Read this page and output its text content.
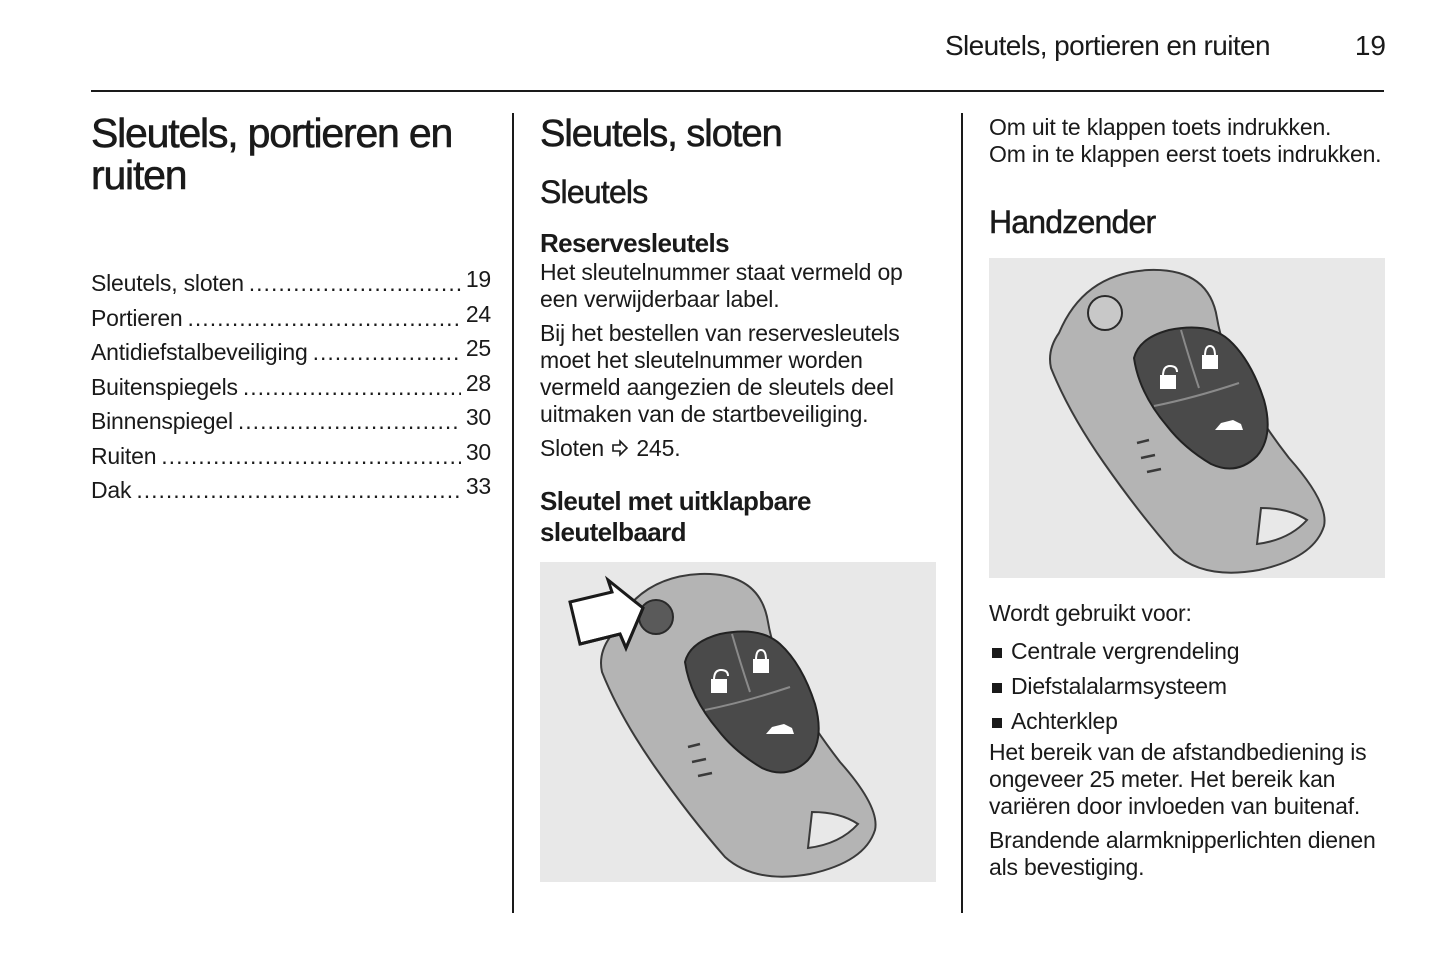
Sleutels, portieren en ruiten	19
Sleutels, portieren en ruiten
Sleutels, sloten .....	19
Portieren .....	24
Antidiefstalbeveiliging .....	25
Buitenspiegels .....	28
Binnenspiegel .....	30
Ruiten .....	30
Dak .....	33
Sleutels, sloten
Sleutels
Reservesleutels

Het sleutelnummer staat vermeld op een verwijderbaar label.

Bij het bestellen van reservesleutels moet het sleutelnummer worden vermeld aangezien de sleutels deel uitmaken van de startbeveiliging.

Sloten 245.

Sleutel met uitklapbare sleutelbaard

Om uit te klappen toets indrukken.

Om in te klappen eerst toets indrukken.

Handzender

Wordt gebruikt voor:

Centrale vergrendeling
Diefstalalarmsysteem
Achterklep

Het bereik van de afstandbediening is ongeveer 25 meter. Het bereik kan variëren door invloeden van buitenaf.

Brandende alarmknipperlichten dienen als bevestiging.
